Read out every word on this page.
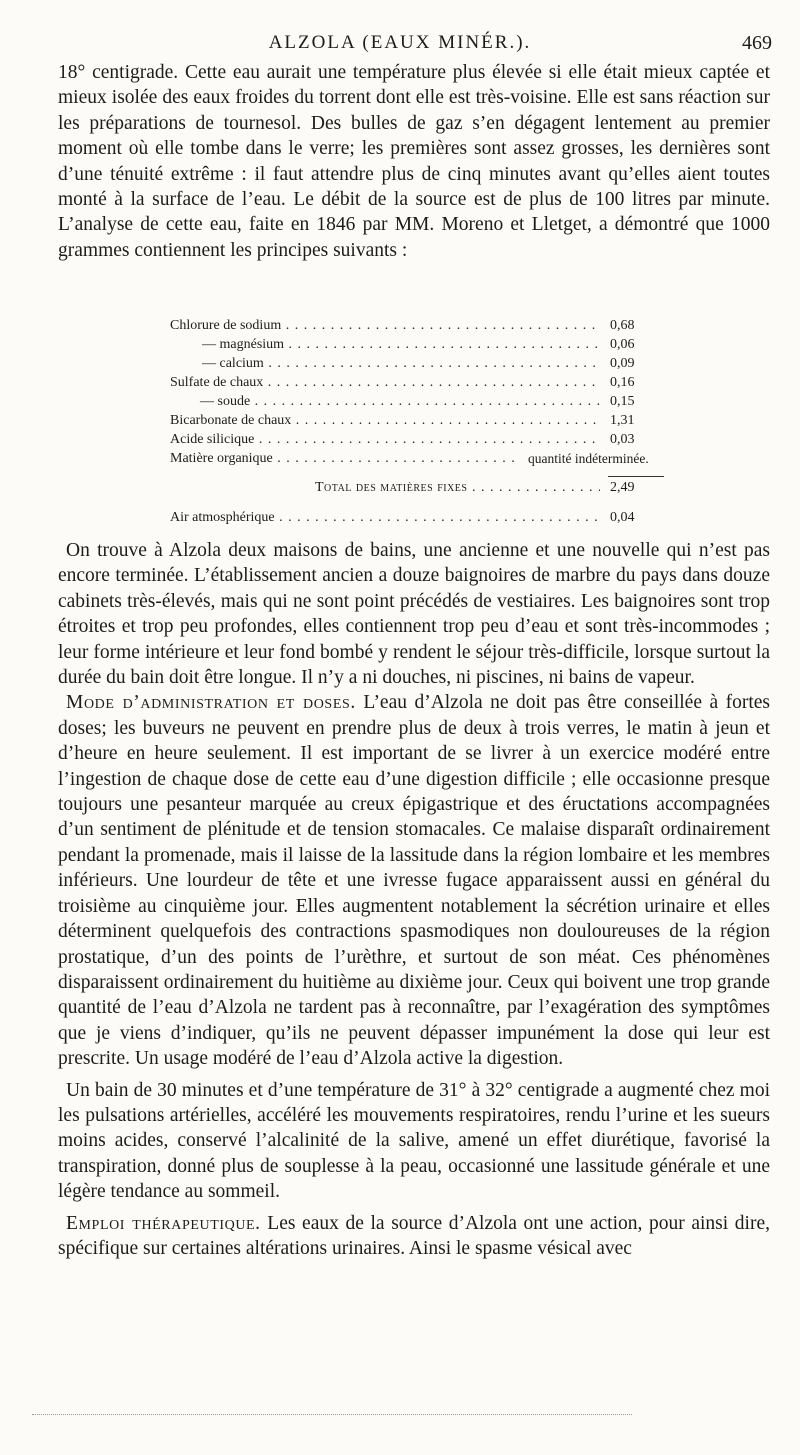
ALZOLA (EAUX MINÉR.).	469

18° centigrade. Cette eau aurait une température plus élevée si elle était mieux captée et mieux isolée des eaux froides du torrent dont elle est très-voisine. Elle est sans réaction sur les préparations de tournesol. Des bulles de gaz s’en dégagent lentement au premier moment où elle tombe dans le verre; les premières sont assez grosses, les dernières sont d’une ténuité extrême : il faut attendre plus de cinq minutes avant qu’elles aient toutes monté à la surface de l’eau. Le débit de la source est de plus de 100 litres par minute. L’analyse de cette eau, faite en 1846 par MM. Moreno et Lletget, a démontré que 1000 grammes contiennent les principes suivants :

Chlorure de sodium . . .	0,68
— magnésium . . .	0,06
— calcium . . .	0,09
Sulfate de chaux . . .	0,16
— soude . . .	0,15
Bicarbonate de chaux . . .	1,31
Acide silicique . . .	0,03
Matière organique . . .	quantité indéterminée.
Total des matières fixes . . .	2,49
Air atmosphérique . . .	0,04

On trouve à Alzola deux maisons de bains, une ancienne et une nouvelle qui n’est pas encore terminée. L’établissement ancien a douze baignoires de marbre du pays dans douze cabinets très-élevés, mais qui ne sont point précédés de vestiaires. Les baignoires sont trop étroites et trop peu profondes, elles contiennent trop peu d’eau et sont très-incommodes ; leur forme intérieure et leur fond bombé y rendent le séjour très-difficile, lorsque surtout la durée du bain doit être longue. Il n’y a ni douches, ni piscines, ni bains de vapeur.

Mode d’administration et doses. L’eau d’Alzola ne doit pas être conseillée à fortes doses; les buveurs ne peuvent en prendre plus de deux à trois verres, le matin à jeun et d’heure en heure seulement. Il est important de se livrer à un exercice modéré entre l’ingestion de chaque dose de cette eau d’une digestion difficile ; elle occasionne presque toujours une pesanteur marquée au creux épigastrique et des éructations accompagnées d’un sentiment de plénitude et de tension stomacales. Ce malaise disparaît ordinairement pendant la promenade, mais il laisse de la lassitude dans la région lombaire et les membres inférieurs. Une lourdeur de tête et une ivresse fugace apparaissent aussi en général du troisième au cinquième jour. Elles augmentent notablement la sécrétion urinaire et elles déterminent quelquefois des contractions spasmodiques non douloureuses de la région prostatique, d’un des points de l’urèthre, et surtout de son méat. Ces phénomènes disparaissent ordinairement du huitième au dixième jour. Ceux qui boivent une trop grande quantité de l’eau d’Alzola ne tardent pas à reconnaître, par l’exagération des symptômes que je viens d’indiquer, qu’ils ne peuvent dépasser impunément la dose qui leur est prescrite. Un usage modéré de l’eau d’Alzola active la digestion.

Un bain de 30 minutes et d’une température de 31° à 32° centigrade a augmenté chez moi les pulsations artérielles, accéléré les mouvements respiratoires, rendu l’urine et les sueurs moins acides, conservé l’alcalinité de la salive, amené un effet diurétique, favorisé la transpiration, donné plus de souplesse à la peau, occasionné une lassitude générale et une légère tendance au sommeil.

Emploi thérapeutique. Les eaux de la source d’Alzola ont une action, pour ainsi dire, spécifique sur certaines altérations urinaires. Ainsi le spasme vésical avec
